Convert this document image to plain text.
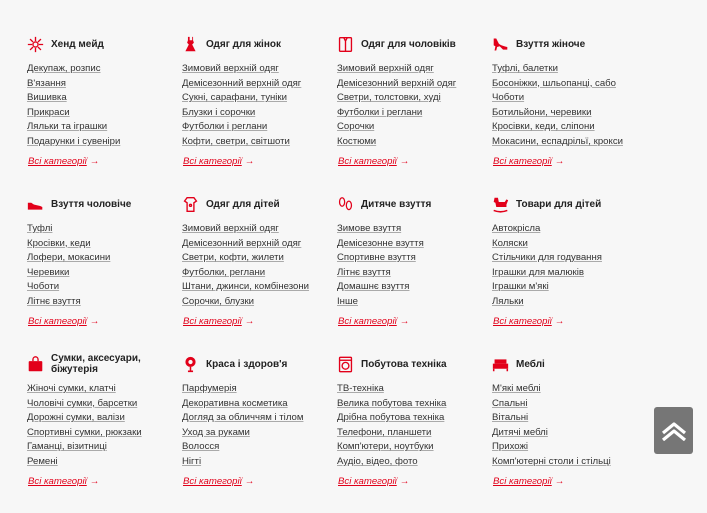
Хенд мейд
Декупаж, розпис
В'язання
Вишивка
Прикраси
Ляльки та іграшки
Подарунки і сувеніри
Всі категорії →
Одяг для жінок
Зимовий верхній одяг
Демісезонний верхній одяг
Сукні, сарафани, туніки
Блузки і сорочки
Футболки і реглани
Кофти, светри, світшоти
Всі категорії →
Одяг для чоловіків
Зимовий верхній одяг
Демісезонний верхній одяг
Светри, толстовки, худі
Футболки і реглани
Сорочки
Костюми
Всі категорії →
Взуття жіноче
Туфлі, балетки
Босоніжки, шльопанці, сабо
Чоботи
Ботильйони, черевики
Кросівки, кеди, сліпони
Мокасини, еспадрільї, крокси
Всі категорії →
Взуття чоловіче
Туфлі
Кросівки, кеди
Лофери, мокасини
Черевики
Чоботи
Літнє взуття
Всі категорії →
Одяг для дітей
Зимовий верхній одяг
Демісезонний верхній одяг
Светри, кофти, жилети
Футболки, реглани
Штани, джинси, комбінезони
Сорочки, блузки
Всі категорії →
Дитяче взуття
Зимове взуття
Демісезонне взуття
Спортивне взуття
Літнє взуття
Домашнє взуття
Інше
Всі категорії →
Товари для дітей
Автокрісла
Коляски
Стільчики для годування
Іграшки для малюків
Іграшки м'які
Ляльки
Всі категорії →
Сумки, аксесуари, біжутерія
Жіночі сумки, клатчі
Чоловічі сумки, барсетки
Дорожні сумки, валізи
Спортивні сумки, рюкзаки
Гаманці, візитниці
Ремені
Всі категорії →
Краса і здоров'я
Парфумерія
Декоративна косметика
Догляд за обличчям і тілом
Уход за руками
Волосся
Нігті
Всі категорії →
Побутова техніка
ТВ-техніка
Велика побутова техніка
Дрібна побутова техніка
Телефони, планшети
Комп'ютери, ноутбуки
Аудіо, відео, фото
Всі категорії →
Меблі
М'які меблі
Спальні
Вітальні
Дитячі меблі
Прихожі
Комп'ютерні столи і стільці
Всі категорії →
